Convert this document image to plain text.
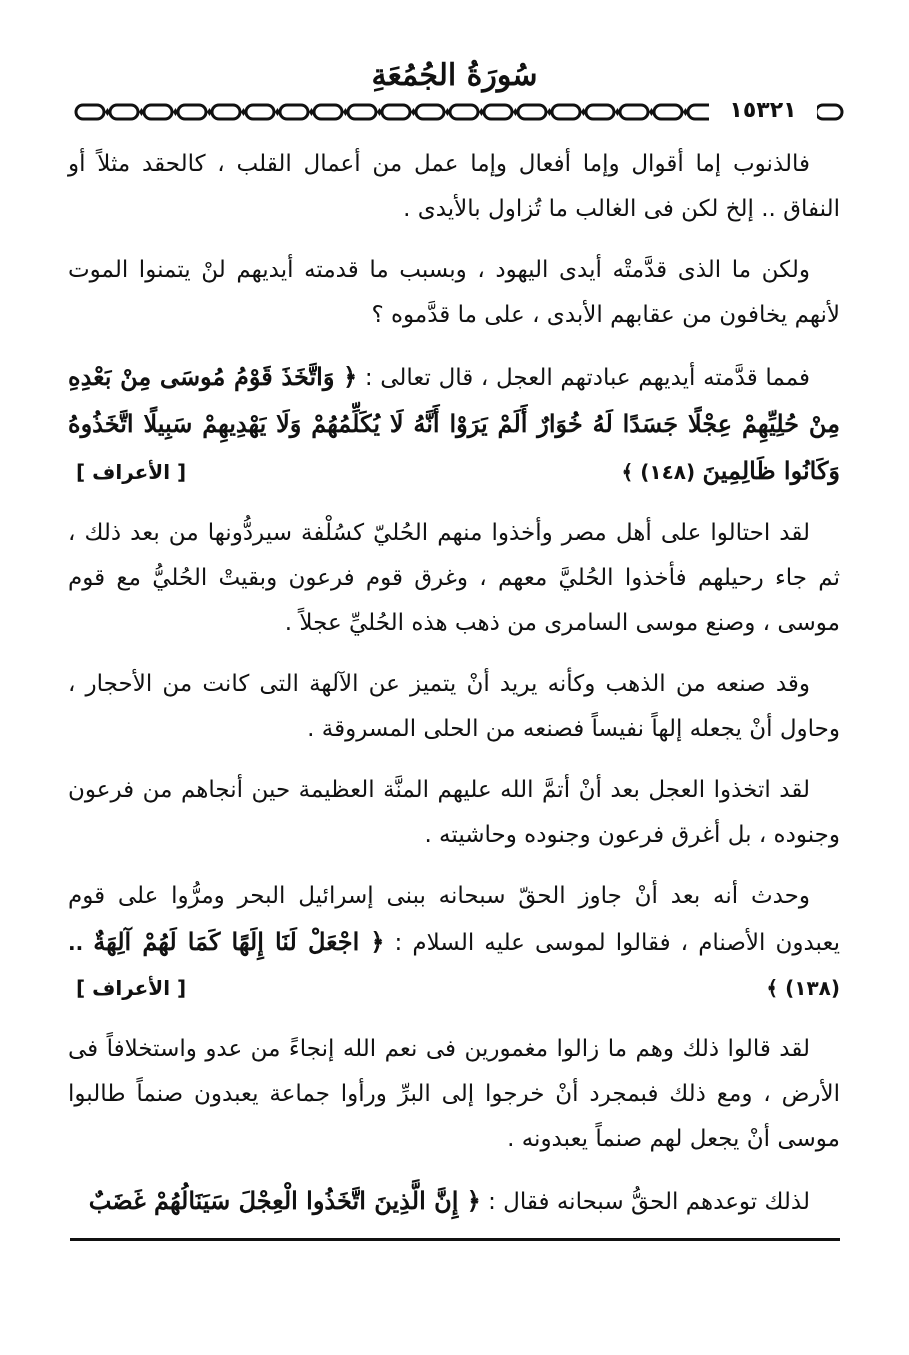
سُورَةُ الجُمُعَةِ
١٥٣٢١

فالذنوب إما أقوال وإما أفعال وإما عمل من أعمال القلب ، كالحقد مثلاً أو النفاق .. إلخ لكن فى الغالب ما تُزاول بالأيدى .

ولكن ما الذى قدَّمتْه أيدى اليهود ، وبسبب ما قدمته أيديهم لنْ يتمنوا الموت لأنهم يخافون من عقابهم الأبدى ، على ما قدَّموه ؟

فمما قدَّمته أيديهم عبادتهم العجل ، قال تعالى : ﴿ وَاتَّخَذَ قَوْمُ مُوسَى مِنْ بَعْدِهِ مِنْ حُلِيِّهِمْ عِجْلًا جَسَدًا لَهُ خُوَارٌ أَلَمْ يَرَوْا أَنَّهُ لَا يُكَلِّمُهُمْ وَلَا يَهْدِيهِمْ سَبِيلًا اتَّخَذُوهُ وَكَانُوا ظَالِمِينَ (١٤٨) ﴾
[ الأعراف ]

لقد احتالوا على أهل مصر وأخذوا منهم الحُليّ كسُلْفة سيردُّونها من بعد ذلك ، ثم جاء رحيلهم فأخذوا الحُليَّ معهم ، وغرق قوم فرعون وبقيتْ الحُليُّ مع قوم موسى ، وصنع موسى السامرى من ذهب هذه الحُليِّ عجلاً .

وقد صنعه من الذهب وكأنه يريد أنْ يتميز عن الآلهة التى كانت من الأحجار ، وحاول أنْ يجعله إلهاً نفيساً فصنعه من الحلى المسروقة .

لقد اتخذوا العجل بعد أنْ أتمَّ الله عليهم المنَّة العظيمة حين أنجاهم من فرعون وجنوده ، بل أغرق فرعون وجنوده وحاشيته .

وحدث أنه بعد أنْ جاوز الحقّ سبحانه ببنى إسرائيل البحر ومرُّوا على قوم يعبدون الأصنام ، فقالوا لموسى عليه السلام : ﴿ اجْعَلْ لَنَا إِلَهًا كَمَا لَهُمْ آلِهَةٌ ..(١٣٨) ﴾
[ الأعراف ]

لقد قالوا ذلك وهم ما زالوا مغمورين فى نعم الله إنجاءً من عدو واستخلافاً فى الأرض ، ومع ذلك فبمجرد أنْ خرجوا إلى البرِّ ورأوا جماعة يعبدون صنماً طالبوا موسى أنْ يجعل لهم صنماً يعبدونه .

لذلك توعدهم الحقُّ سبحانه فقال : ﴿ إِنَّ الَّذِينَ اتَّخَذُوا الْعِجْلَ سَيَنَالُهُمْ غَضَبٌ
